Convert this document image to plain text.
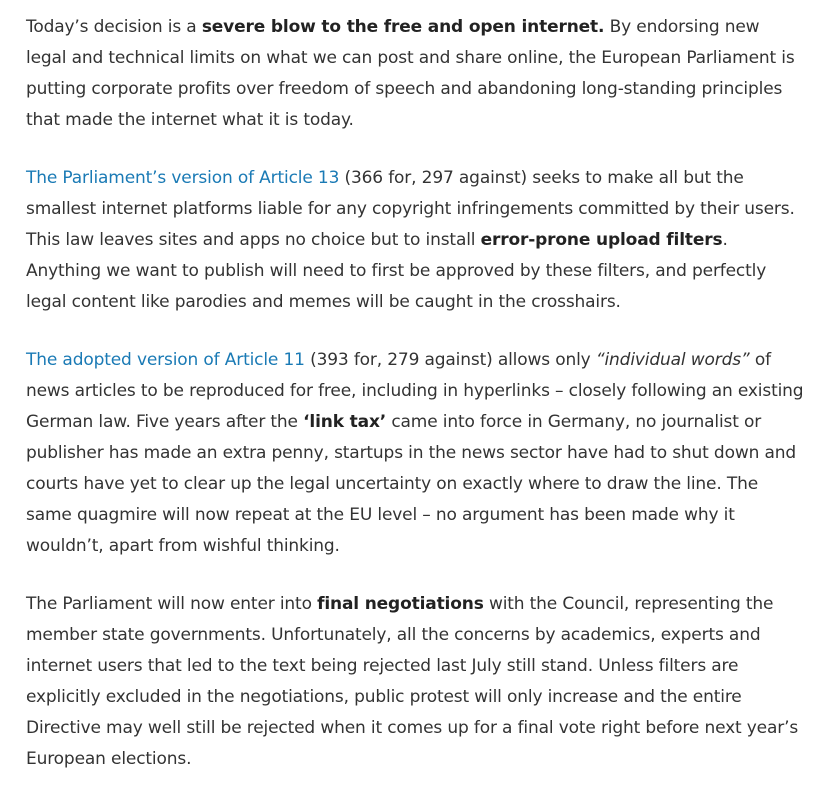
Today’s decision is a severe blow to the free and open internet. By endorsing new legal and technical limits on what we can post and share online, the European Parliament is putting corporate profits over freedom of speech and abandoning long-standing principles that made the internet what it is today.

The Parliament’s version of Article 13 (366 for, 297 against) seeks to make all but the smallest internet platforms liable for any copyright infringements committed by their users. This law leaves sites and apps no choice but to install error-prone upload filters. Anything we want to publish will need to first be approved by these filters, and perfectly legal content like parodies and memes will be caught in the crosshairs.

The adopted version of Article 11 (393 for, 279 against) allows only “individual words” of news articles to be reproduced for free, including in hyperlinks – closely following an existing German law. Five years after the ‘link tax’ came into force in Germany, no journalist or publisher has made an extra penny, startups in the news sector have had to shut down and courts have yet to clear up the legal uncertainty on exactly where to draw the line. The same quagmire will now repeat at the EU level – no argument has been made why it wouldn’t, apart from wishful thinking.

The Parliament will now enter into final negotiations with the Council, representing the member state governments. Unfortunately, all the concerns by academics, experts and internet users that led to the text being rejected last July still stand. Unless filters are explicitly excluded in the negotiations, public protest will only increase and the entire Directive may well still be rejected when it comes up for a final vote right before next year’s European elections.
